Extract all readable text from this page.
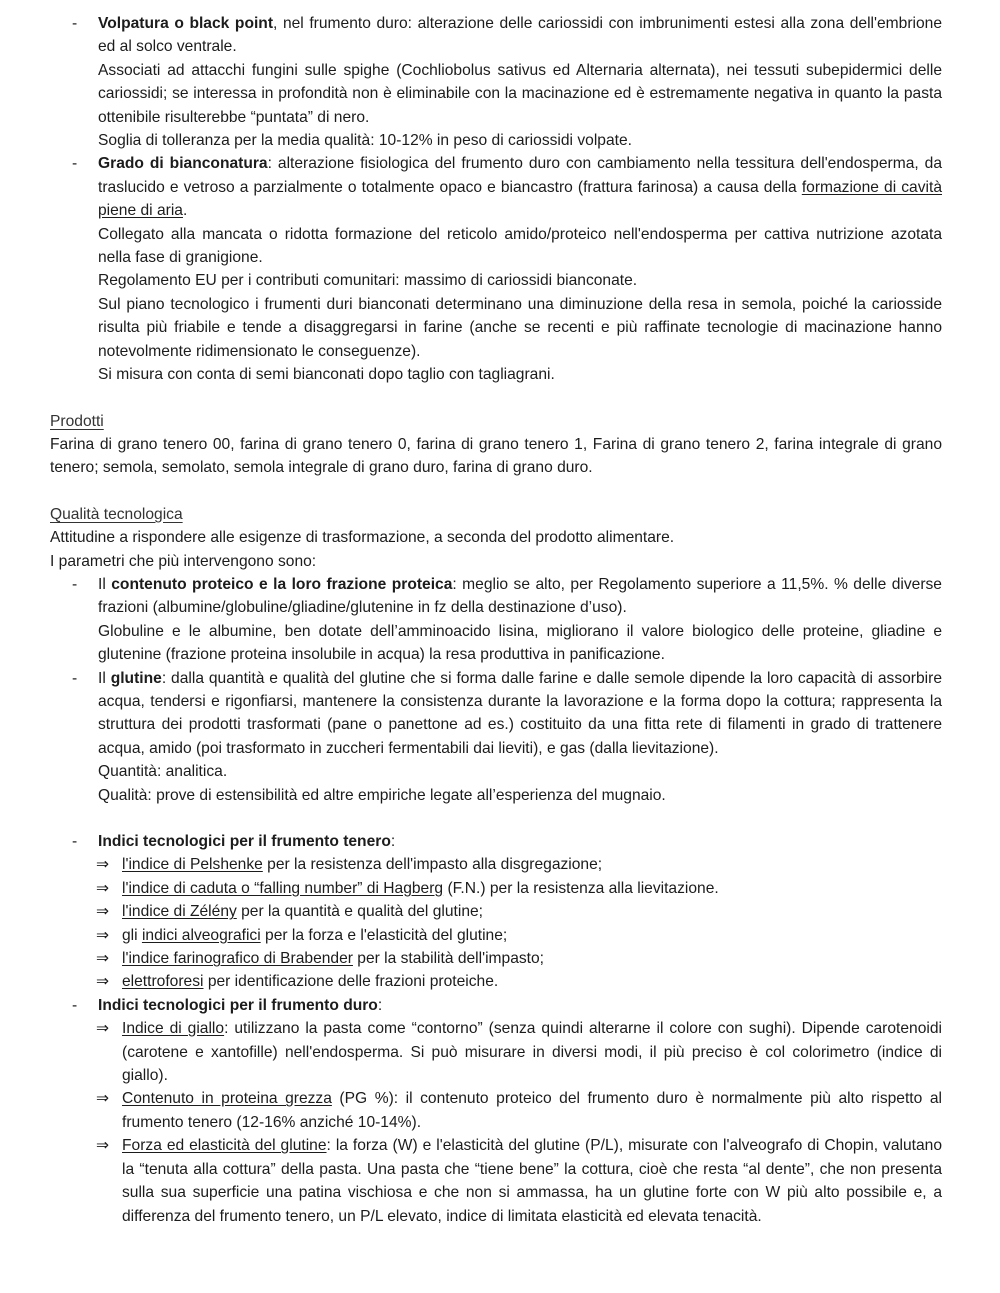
- Volpatura o black point, nel frumento duro: alterazione delle cariossidi con imbrunimenti estesi alla zona dell'embrione ed al solco ventrale.

Associati ad attacchi fungini sulle spighe (Cochliobolus sativus ed Alternaria alternata), nei tessuti subepidermici delle cariossidi; se interessa in profondità non è eliminabile con la macinazione ed è estremamente negativa in quanto la pasta ottenibile risulterebbe “puntata” di nero.

Soglia di tolleranza per la media qualità: 10-12% in peso di cariossidi volpate.

- Grado di bianconatura: alterazione fisiologica del frumento duro con cambiamento nella tessitura dell'endosperma, da traslucido e vetroso a parzialmente o totalmente opaco e biancastro (frattura farinosa) a causa della formazione di cavità piene di aria.

Collegato alla mancata o ridotta formazione del reticolo amido/proteico nell'endosperma per cattiva nutrizione azotata nella fase di granigione.

Regolamento EU per i contributi comunitari: massimo di cariossidi bianconate.

Sul piano tecnologico i frumenti duri bianconati determinano una diminuzione della resa in semola, poiché la cariosside risulta più friabile e tende a disaggregarsi in farine (anche se recenti e più raffinate tecnologie di macinazione hanno notevolmente ridimensionato le conseguenze).

Si misura con conta di semi bianconati dopo taglio con tagliagrani.

Prodotti

Farina di grano tenero 00, farina di grano tenero 0, farina di grano tenero 1, Farina di grano tenero 2, farina integrale di grano tenero; semola, semolato, semola integrale di grano duro, farina di grano duro.

Qualità tecnologica

Attitudine a rispondere alle esigenze di trasformazione, a seconda del prodotto alimentare.

I parametri che più intervengono sono:

- Il contenuto proteico e la loro frazione proteica: meglio se alto, per Regolamento superiore a 11,5%. % delle diverse frazioni (albumine/globuline/gliadine/glutenine in fz della destinazione d’uso).

Globuline e le albumine, ben dotate dell’amminoacido lisina, migliorano il valore biologico delle proteine, gliadine e glutenine (frazione proteina insolubile in acqua) la resa produttiva in panificazione.

- Il glutine: dalla quantità e qualità del glutine che si forma dalle farine e dalle semole dipende la loro capacità di assorbire acqua, tendersi e rigonfiarsi, mantenere la consistenza durante la lavorazione e la forma dopo la cottura; rappresenta la struttura dei prodotti trasformati (pane o panettone ad es.) costituito da una fitta rete di filamenti in grado di trattenere acqua, amido (poi trasformato in zuccheri fermentabili dai lieviti), e gas (dalla lievitazione).

Quantità: analitica.

Qualità: prove di estensibilità ed altre empiriche legate all’esperienza del mugnaio.

- Indici tecnologici per il frumento tenero:

⇒ l'indice di Pelshenke per la resistenza dell'impasto alla disgregazione;

⇒ l'indice di caduta o “falling number” di Hagberg (F.N.) per la resistenza alla lievitazione.

⇒ l'indice di Zélény per la quantità e qualità del glutine;

⇒ gli indici alveografici per la forza e l'elasticità del glutine;

⇒ l'indice farinografico di Brabender per la stabilità dell'impasto;

⇒ elettroforesi per identificazione delle frazioni proteiche.

- Indici tecnologici per il frumento duro:

⇒ Indice di giallo: utilizzano la pasta come “contorno” (senza quindi alterarne il colore con sughi). Dipende carotenoidi (carotene e xantofille) nell'endosperma. Si può misurare in diversi modi, il più preciso è col colorimetro (indice di giallo).

⇒ Contenuto in proteina grezza (PG %): il contenuto proteico del frumento duro è normalmente più alto rispetto al frumento tenero (12-16% anziché 10-14%).

⇒ Forza ed elasticità del glutine: la forza (W) e l'elasticità del glutine (P/L), misurate con l'alveografo di Chopin, valutano la “tenuta alla cottura” della pasta. Una pasta che “tiene bene” la cottura, cioè che resta “al dente”, che non presenta sulla sua superficie una patina vischiosa e che non si ammassa, ha un glutine forte con W più alto possibile e, a differenza del frumento tenero, un P/L elevato, indice di limitata elasticità ed elevata tenacità.
